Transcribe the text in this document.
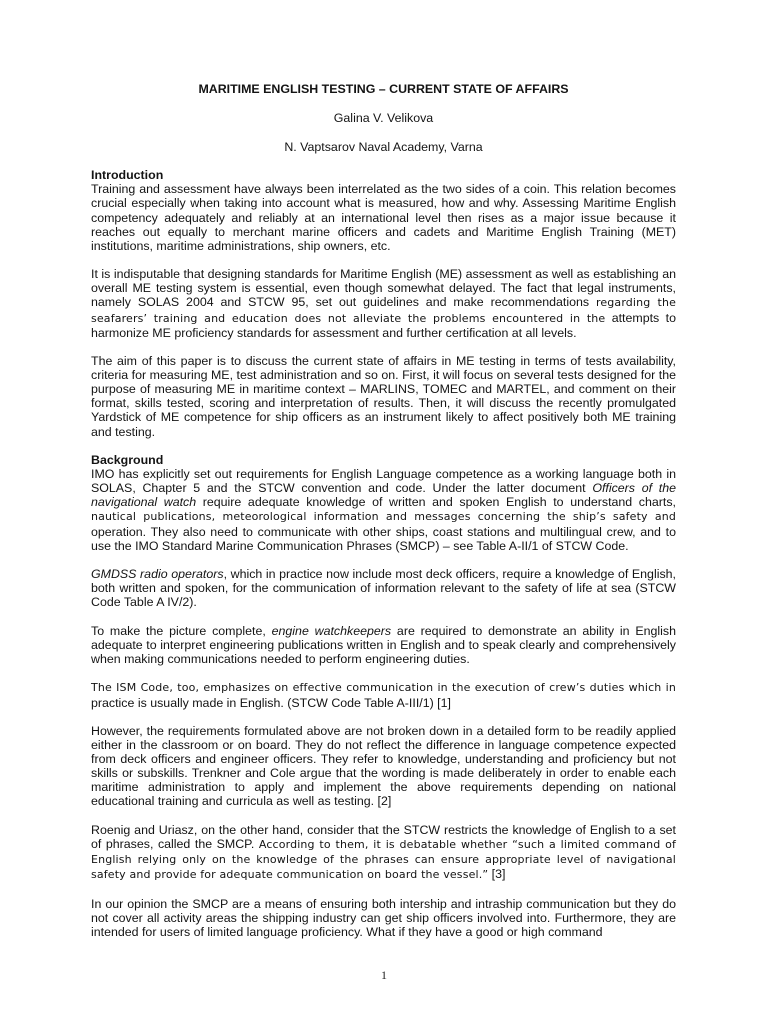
MARITIME ENGLISH TESTING – CURRENT STATE OF AFFAIRS
Galina V. Velikova
N. Vaptsarov Naval Academy, Varna
Introduction

Training and assessment have always been interrelated as the two sides of a coin. This relation becomes crucial especially when taking into account what is measured, how and why. Assessing Maritime English competency adequately and reliably at an international level then rises as a major issue because it reaches out equally to merchant marine officers and cadets and Maritime English Training (MET) institutions, maritime administrations, ship owners, etc.

It is indisputable that designing standards for Maritime English (ME) assessment as well as establishing an overall ME testing system is essential, even though somewhat delayed. The fact that legal instruments, namely SOLAS 2004 and STCW 95, set out guidelines and make recommendations regarding the seafarers’ training and education does not alleviate the problems encountered in the attempts to harmonize ME proficiency standards for assessment and further certification at all levels.

The aim of this paper is to discuss the current state of affairs in ME testing in terms of tests availability, criteria for measuring ME, test administration and so on. First, it will focus on several tests designed for the purpose of measuring ME in maritime context – MARLINS, TOMEC and MARTEL, and comment on their format, skills tested, scoring and interpretation of results. Then, it will discuss the recently promulgated Yardstick of ME competence for ship officers as an instrument likely to affect positively both ME training and testing.

Background

IMO has explicitly set out requirements for English Language competence as a working language both in SOLAS, Chapter 5 and the STCW convention and code. Under the latter document Officers of the navigational watch require adequate knowledge of written and spoken English to understand charts, nautical publications, meteorological information and messages concerning the ship’s safety and operation. They also need to communicate with other ships, coast stations and multilingual crew, and to use the IMO Standard Marine Communication Phrases (SMCP) – see Table A-II/1 of STCW Code.

GMDSS radio operators, which in practice now include most deck officers, require a knowledge of English, both written and spoken, for the communication of information relevant to the safety of life at sea (STCW Code Table A IV/2).

To make the picture complete, engine watchkeepers are required to demonstrate an ability in English adequate to interpret engineering publications written in English and to speak clearly and comprehensively when making communications needed to perform engineering duties.

The ISM Code, too, emphasizes on effective communication in the execution of crew’s duties which in practice is usually made in English. (STCW Code Table A-III/1) [1]

However, the requirements formulated above are not broken down in a detailed form to be readily applied either in the classroom or on board. They do not reflect the difference in language competence expected from deck officers and engineer officers. They refer to knowledge, understanding and proficiency but not skills or subskills. Trenkner and Cole argue that the wording is made deliberately in order to enable each maritime administration to apply and implement the above requirements depending on national educational training and curricula as well as testing. [2]

Roenig and Uriasz, on the other hand, consider that the STCW restricts the knowledge of English to a set of phrases, called the SMCP. According to them, it is debatable whether “such a limited command of English relying only on the knowledge of the phrases can ensure appropriate level of navigational safety and provide for adequate communication on board the vessel.” [3]

In our opinion the SMCP are a means of ensuring both intership and intraship communication but they do not cover all activity areas the shipping industry can get ship officers involved into. Furthermore, they are intended for users of limited language proficiency. What if they have a good or high command

1
